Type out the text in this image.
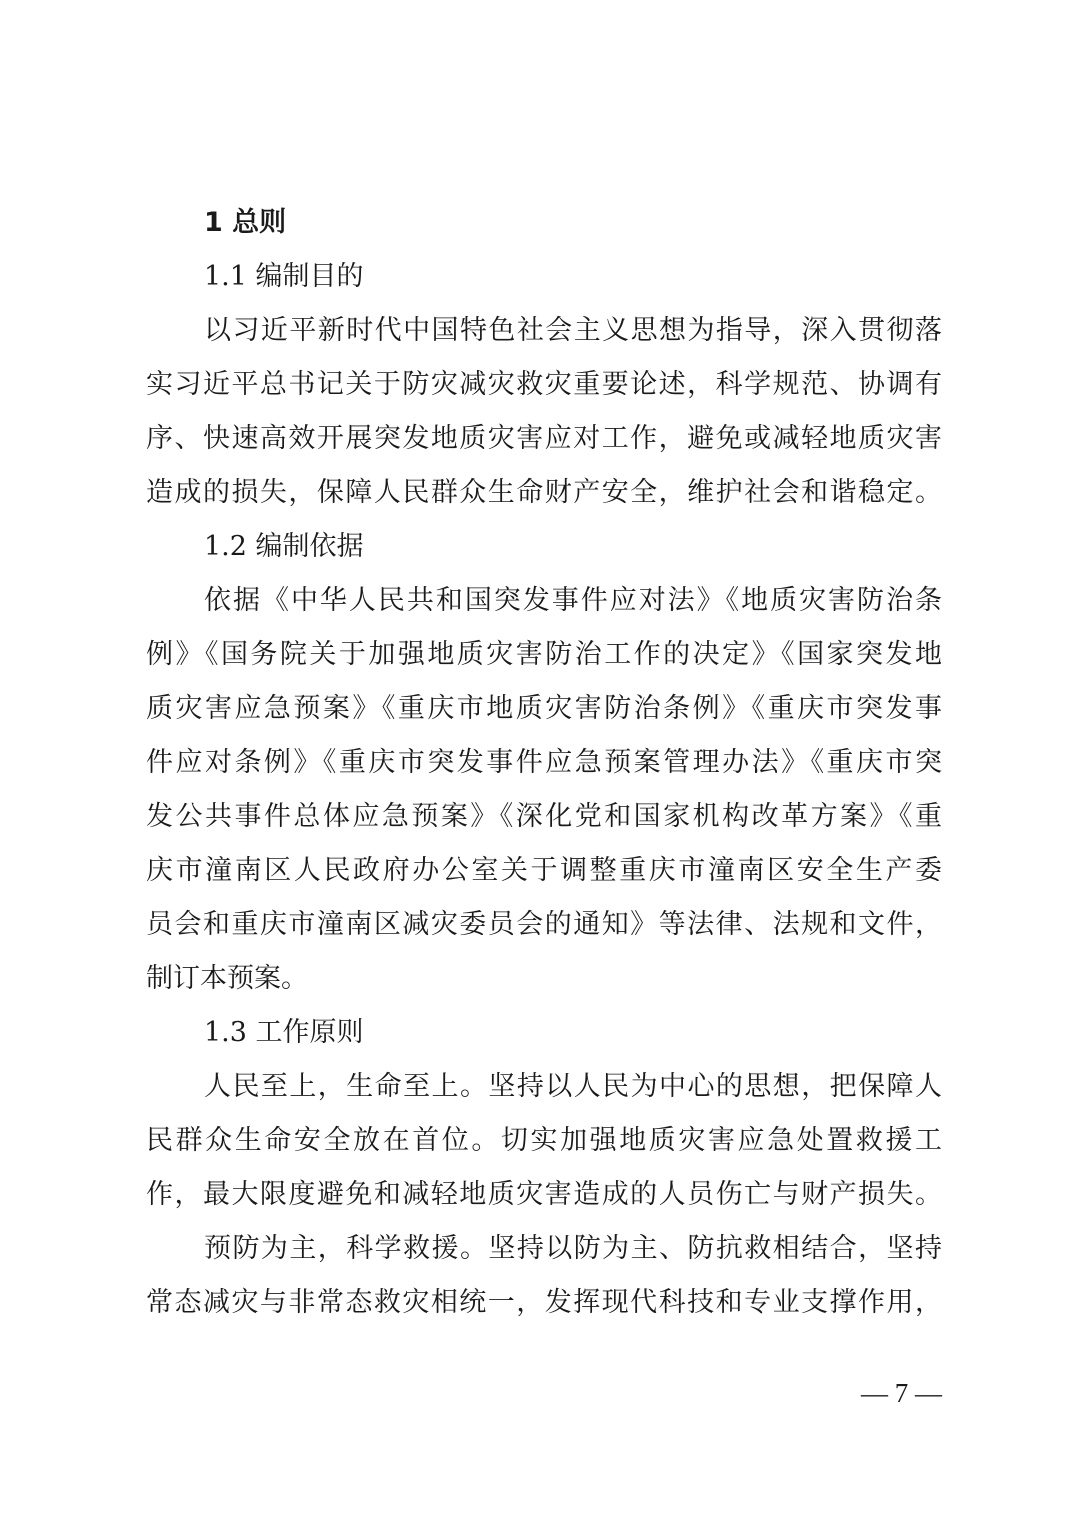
1 总则
1.1 编制目的
以习近平新时代中国特色社会主义思想为指导，深入贯彻落
实习近平总书记关于防灾减灾救灾重要论述，科学规范、协调有
序、快速高效开展突发地质灾害应对工作，避免或减轻地质灾害
造成的损失，保障人民群众生命财产安全，维护社会和谐稳定。
1.2 编制依据
依据《中华人民共和国突发事件应对法》《地质灾害防治条
例》《国务院关于加强地质灾害防治工作的决定》《国家突发地
质灾害应急预案》《重庆市地质灾害防治条例》《重庆市突发事
件应对条例》《重庆市突发事件应急预案管理办法》《重庆市突
发公共事件总体应急预案》《深化党和国家机构改革方案》《重
庆市潼南区人民政府办公室关于调整重庆市潼南区安全生产委
员会和重庆市潼南区减灾委员会的通知》等法律、法规和文件，
制订本预案。
1.3 工作原则
人民至上，生命至上。坚持以人民为中心的思想，把保障人
民群众生命安全放在首位。切实加强地质灾害应急处置救援工
作，最大限度避免和减轻地质灾害造成的人员伤亡与财产损失。
预防为主，科学救援。坚持以防为主、防抗救相结合，坚持
常态减灾与非常态救灾相统一，发挥现代科技和专业支撑作用，
— 7 —
